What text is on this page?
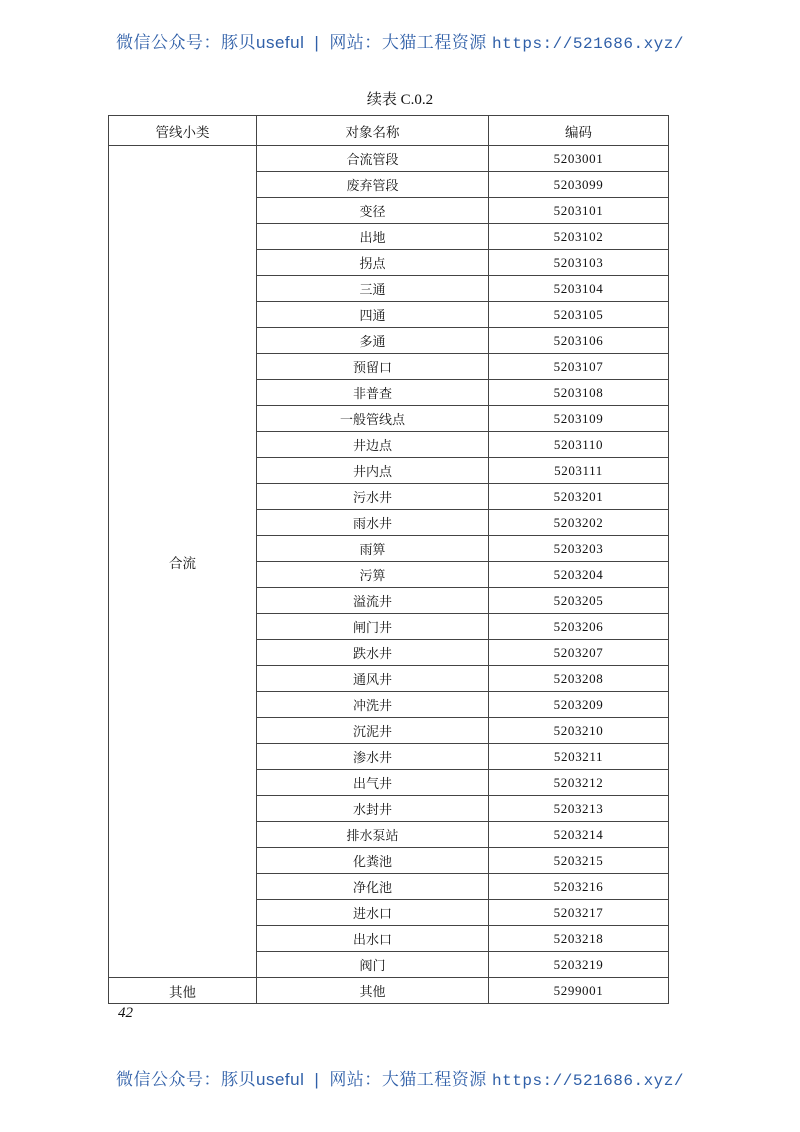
微信公众号：豚贝useful | 网站：大猫工程资源 https://521686.xyz/
续表 C.0.2
管线小类	对象名称	编码
合流	合流管段	5203001
	废弃管段	5203099
	变径	5203101
	出地	5203102
	拐点	5203103
	三通	5203104
	四通	5203105
	多通	5203106
	预留口	5203107
	非普查	5203108
	一般管线点	5203109
	井边点	5203110
	井内点	5203111
	污水井	5203201
	雨水井	5203202
	雨箅	5203203
	污箅	5203204
	溢流井	5203205
	闸门井	5203206
	跌水井	5203207
	通风井	5203208
	冲洗井	5203209
	沉泥井	5203210
	渗水井	5203211
	出气井	5203212
	水封井	5203213
	排水泵站	5203214
	化粪池	5203215
	净化池	5203216
	进水口	5203217
	出水口	5203218
	阀门	5203219
其他	其他	5299001
42
微信公众号：豚贝useful | 网站：大猫工程资源 https://521686.xyz/
